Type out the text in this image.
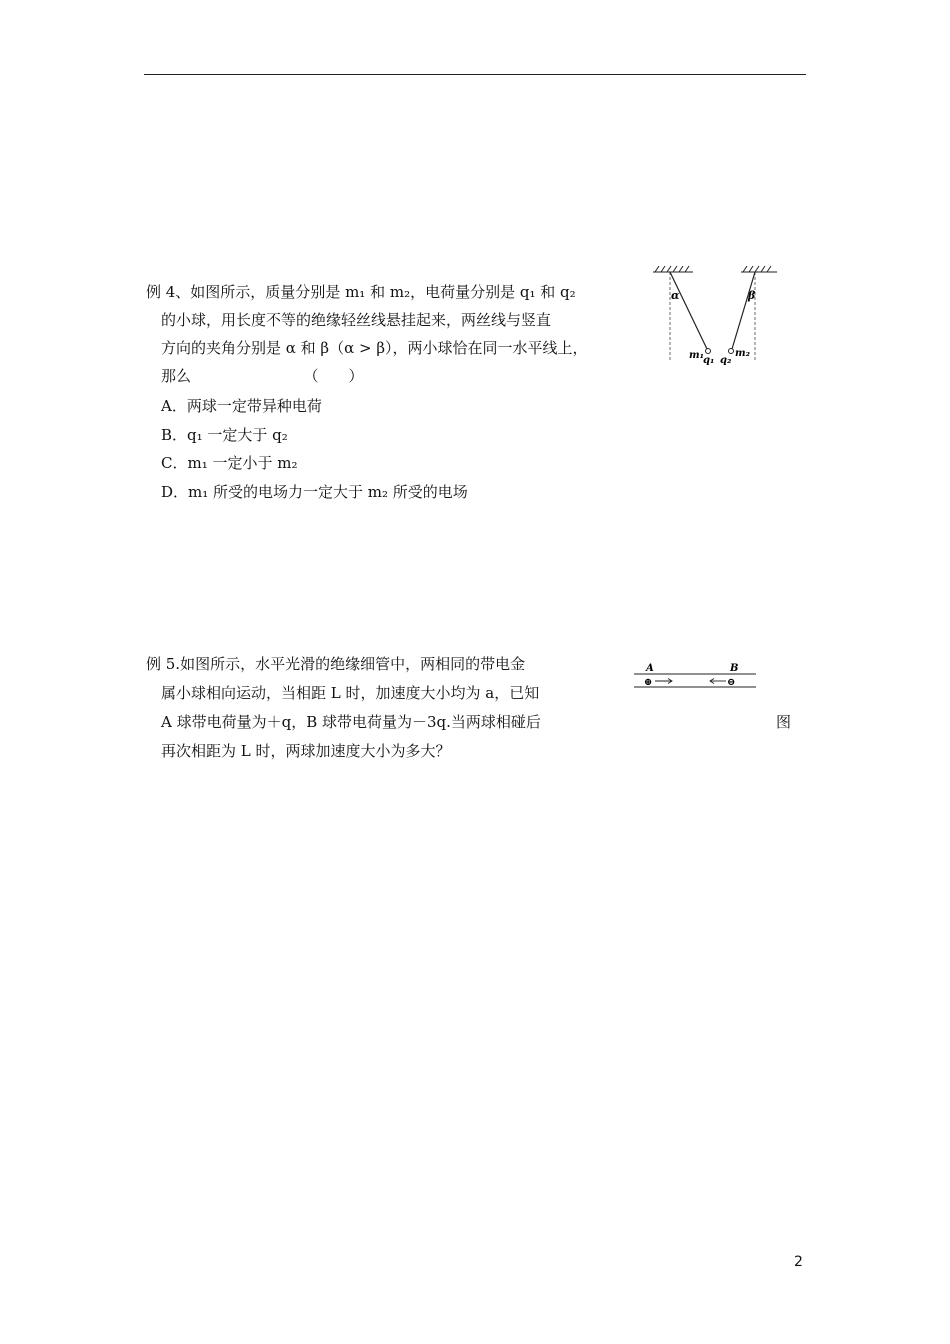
例 4、如图所示，质量分别是 m₁ 和 m₂，电荷量分别是 q₁ 和 q₂
的小球，用长度不等的绝缘轻丝线悬挂起来，两丝线与竖直
方向的夹角分别是 α 和 β（α > β），两小球恰在同一水平线上，
那么　　　　　　　　（　　）
A．两球一定带异种电荷
B．q₁ 一定大于 q₂
C．m₁ 一定小于 m₂
D．m₁ 所受的电场力一定大于 m₂ 所受的电场
α	β
m₁ q₁ q₂
m₂
例 5.如图所示，水平光滑的绝缘细管中，两相同的带电金
属小球相向运动，当相距 L 时，加速度大小均为 a，已知
A 球带电荷量为＋q，B 球带电荷量为－3q.当两球相碰后
再次相距为 L 时，两球加速度大小为多大？
图
A	B
⊕	⊖
2
